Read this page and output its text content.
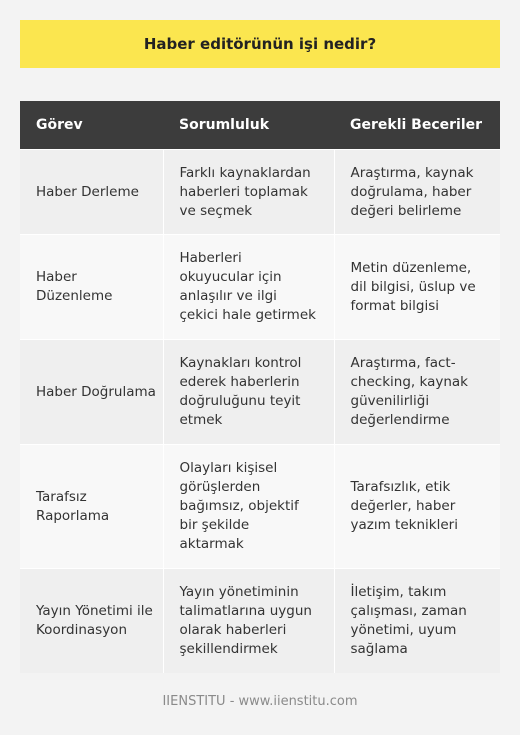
Haber editörünün işi nedir?
Görev	Sorumluluk	Gerekli Beceriler
Haber Derleme	Farklı kaynaklardan haberleri toplamak ve seçmek	Araştırma, kaynak doğrulama, haber değeri belirleme
Haber Düzenleme	Haberleri okuyucular için anlaşılır ve ilgi çekici hale getirmek	Metin düzenleme, dil bilgisi, üslup ve format bilgisi
Haber Doğrulama	Kaynakları kontrol ederek haberlerin doğruluğunu teyit etmek	Araştırma, fact-checking, kaynak güvenilirliği değerlendirme
Tarafsız Raporlama	Olayları kişisel görüşlerden bağımsız, objektif bir şekilde aktarmak	Tarafsızlık, etik değerler, haber yazım teknikleri
Yayın Yönetimi ile Koordinasyon	Yayın yönetiminin talimatlarına uygun olarak haberleri şekillendirmek	İletişim, takım çalışması, zaman yönetimi, uyum sağlama
IIENSTITU - www.iienstitu.com
